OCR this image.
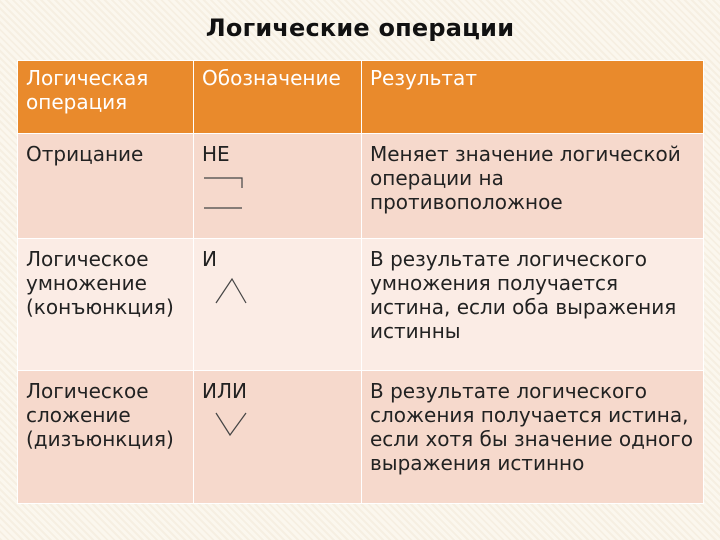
Логические операции
Логическая операция	Обозначение	Результат
Отрицание	НЕ	Меняет значение логической операции на противоположное
Логическое умножение (конъюнкция)	И	В результате логического умножения получается истина, если оба выражения истинны
Логическое сложение (дизъюнкция)	ИЛИ	В результате логического сложения получается истина, если хотя бы значение одного выражения истинно
